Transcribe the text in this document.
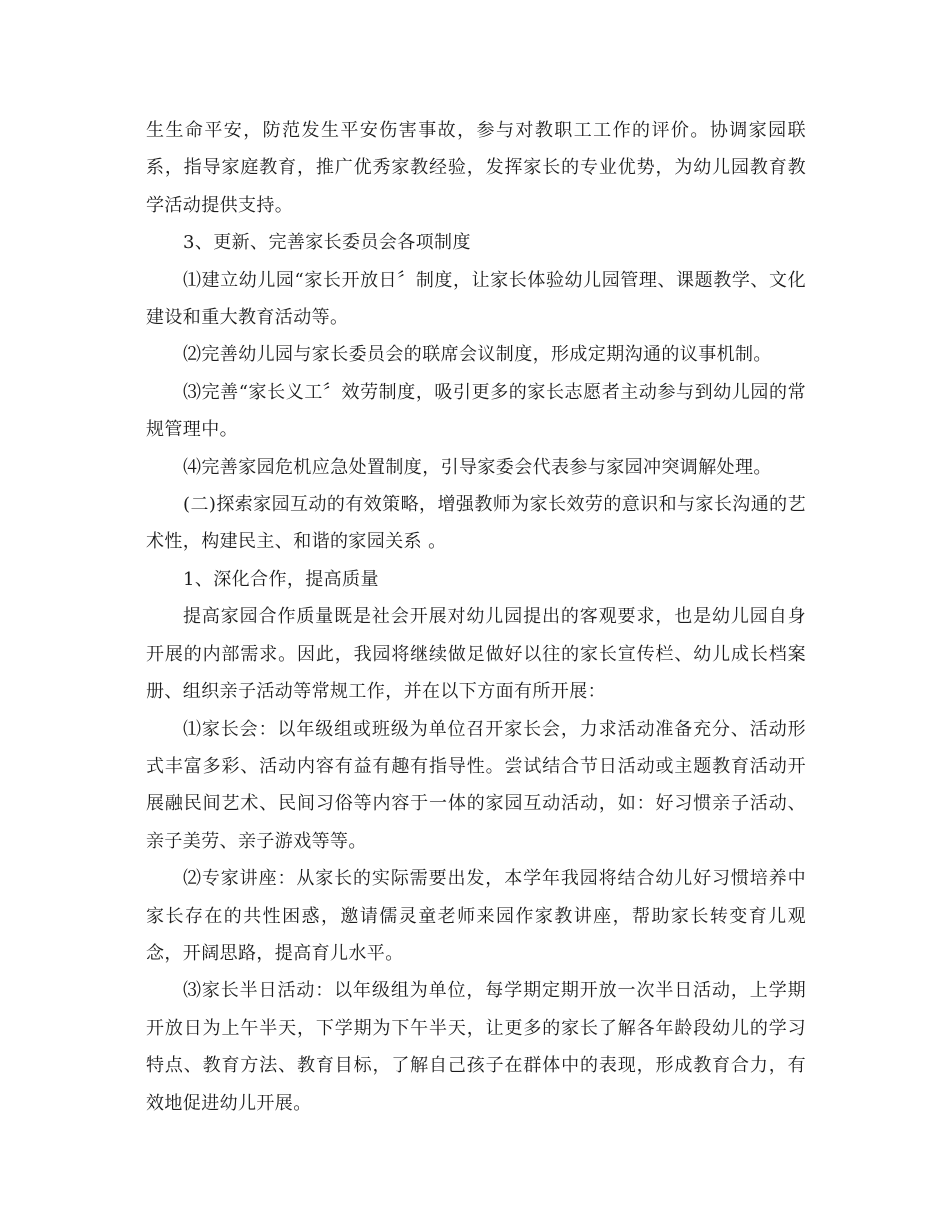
生生命平安，防范发生平安伤害事故，参与对教职工工作的评价。协调家园联系，指导家庭教育，推广优秀家教经验，发挥家长的专业优势，为幼儿园教育教学活动提供支持。

3、更新、完善家长委员会各项制度

⑴建立幼儿园“家长开放日〞制度，让家长体验幼儿园管理、课题教学、文化建设和重大教育活动等。

⑵完善幼儿园与家长委员会的联席会议制度，形成定期沟通的议事机制。

⑶完善“家长义工〞效劳制度，吸引更多的家长志愿者主动参与到幼儿园的常规管理中。

⑷完善家园危机应急处置制度，引导家委会代表参与家园冲突调解处理。

(二)探索家园互动的有效策略，增强教师为家长效劳的意识和与家长沟通的艺术性，构建民主、和谐的家园关系 。

1、深化合作，提高质量

提高家园合作质量既是社会开展对幼儿园提出的客观要求，也是幼儿园自身开展的内部需求。因此，我园将继续做足做好以往的家长宣传栏、幼儿成长档案册、组织亲子活动等常规工作，并在以下方面有所开展：

⑴家长会：以年级组或班级为单位召开家长会，力求活动准备充分、活动形式丰富多彩、活动内容有益有趣有指导性。尝试结合节日活动或主题教育活动开展融民间艺术、民间习俗等内容于一体的家园互动活动，如：好习惯亲子活动、亲子美劳、亲子游戏等等。

⑵专家讲座：从家长的实际需要出发，本学年我园将结合幼儿好习惯培养中家长存在的共性困惑，邀请儒灵童老师来园作家教讲座，帮助家长转变育儿观念，开阔思路，提高育儿水平。

⑶家长半日活动：以年级组为单位，每学期定期开放一次半日活动，上学期开放日为上午半天，下学期为下午半天，让更多的家长了解各年龄段幼儿的学习特点、教育方法、教育目标，了解自己孩子在群体中的表现，形成教育合力，有效地促进幼儿开展。
